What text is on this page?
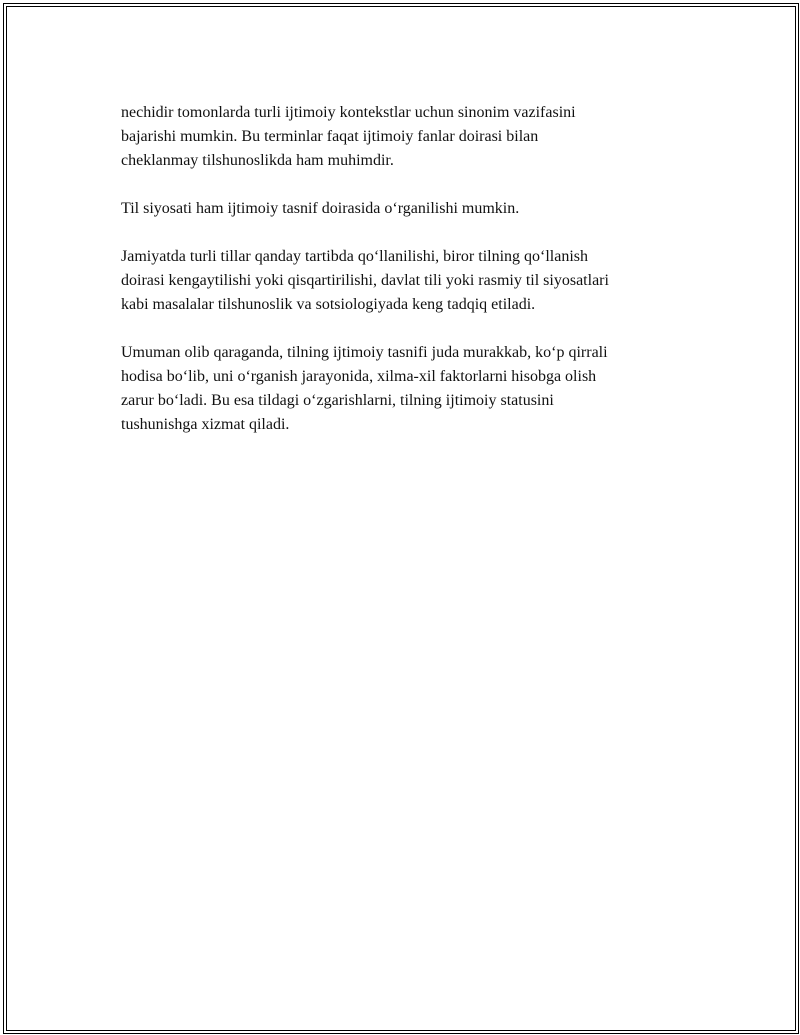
nechidir tomonlarda turli ijtimoiy kontekstlar uchun sinonim vazifasini
bajarishi mumkin. Bu terminlar faqat ijtimoiy fanlar doirasi bilan
cheklanmay tilshunoslikda ham muhimdir.

Til siyosati ham ijtimoiy tasnif doirasida o‘rganilishi mumkin.

Jamiyatda turli tillar qanday tartibda qo‘llanilishi, biror tilning qo‘llanish
doirasi kengaytilishi yoki qisqartirilishi, davlat tili yoki rasmiy til siyosatlari
kabi masalalar tilshunoslik va sotsiologiyada keng tadqiq etiladi.

Umuman olib qaraganda, tilning ijtimoiy tasnifi juda murakkab, ko‘p qirrali
hodisa bo‘lib, uni o‘rganish jarayonida, xilma-xil faktorlarni hisobga olish
zarur bo‘ladi. Bu esa tildagi o‘zgarishlarni, tilning ijtimoiy statusini
tushunishga xizmat qiladi.
